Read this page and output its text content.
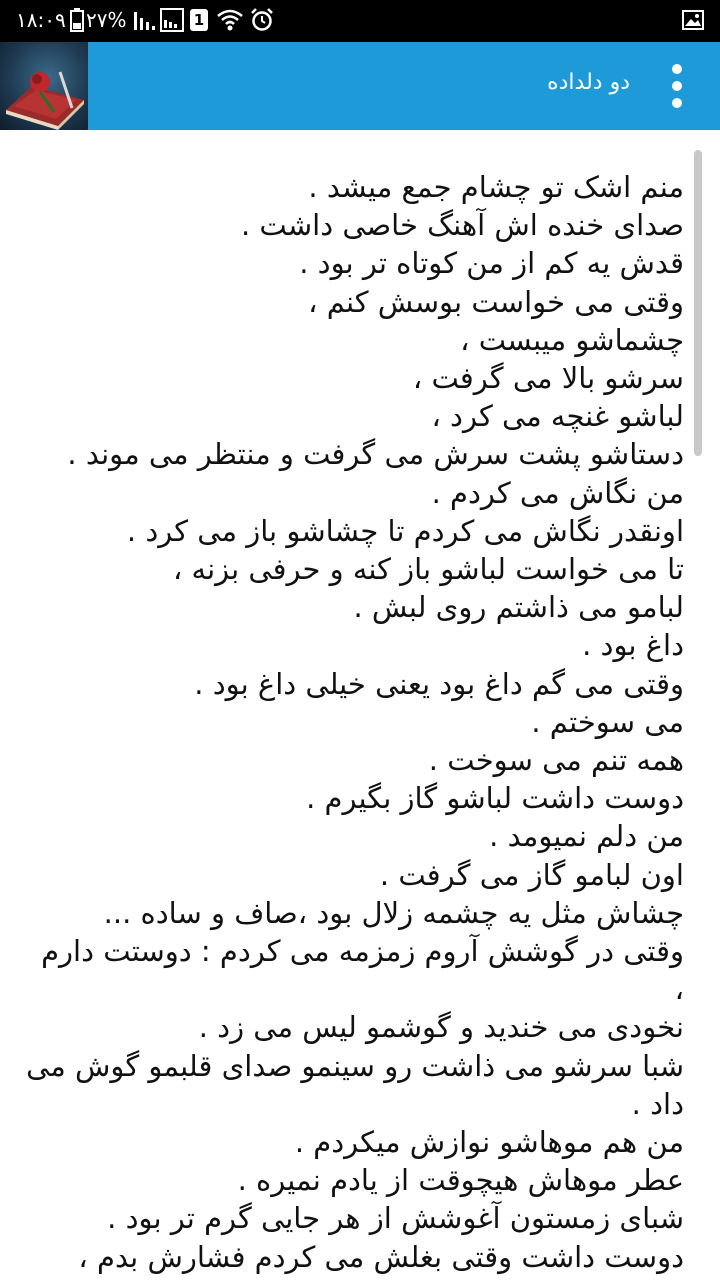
۱۸:۰۹ ۲۷%	1
دو دلداده
منم اشک تو چشام جمع میشد .
صدای خنده اش آهنگ خاصی داشت .
قدش یه کم از من کوتاه تر بود .
وقتی می خواست بوسش کنم ،
چشماشو میبست ،
سرشو بالا می گرفت ،
لباشو غنچه می کرد ،
دستاشو پشت سرش می گرفت و منتظر می موند .
من نگاش می کردم .
اونقدر نگاش می کردم تا چشاشو باز می کرد .
تا می خواست لباشو باز کنه و حرفی بزنه ،
لبامو می ذاشتم روی لبش .
داغ بود .
وقتی می گم داغ بود یعنی خیلی داغ بود .
می سوختم .
همه تنم می سوخت .
دوست داشت لباشو گاز بگیرم .
من دلم نمیومد .
اون لبامو گاز می گرفت .
چشاش مثل یه چشمه زلال بود ،صاف و ساده ...
وقتی در گوشش آروم زمزمه می کردم : دوستت دارم ،
نخودی می خندید و گوشمو لیس می زد .
شبا سرشو می ذاشت رو سینمو صدای قلبمو گوش می داد .
من هم موهاشو نوازش میکردم .
عطر موهاش هیچوقت از یادم نمیره .
شبای زمستون آغوشش از هر جایی گرم تر بود .
دوست داشت وقتی بغلش می کردم فشارش بدم ،
